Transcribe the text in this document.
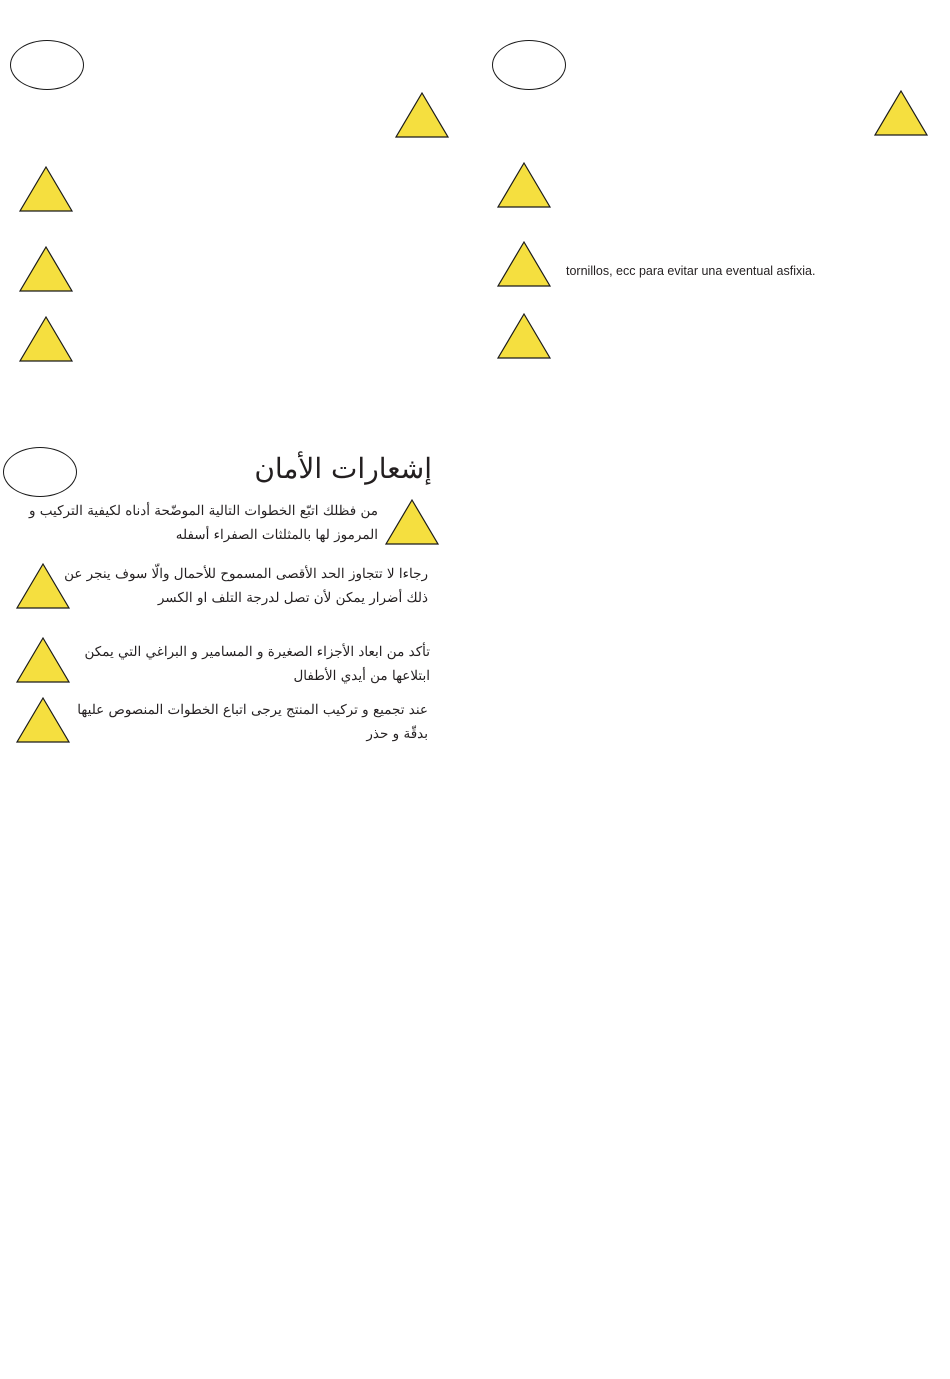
tornillos, ecc para evitar una eventual asfixia.
إشعارات الأمان
من فظلك اتبّع الخطوات التالية الموضّحة أدناه لكيفية التركيب و
المرموز لها بالمثلثات الصفراء أسفله
رجاءا لا تتجاوز الحد الأقصى المسموح للأحمال والّا سوف ينجر عن
ذلك أضرار يمكن لأن تصل لدرجة التلف او الكسر
تأكد من ابعاد الأجزاء الصغيرة و المسامير و البراغي التي يمكن
ابتلاعها من أيدي الأطفال
عند تجميع و تركيب المنتج يرجى اتباع الخطوات المنصوص عليها
بدقّة و حذر
